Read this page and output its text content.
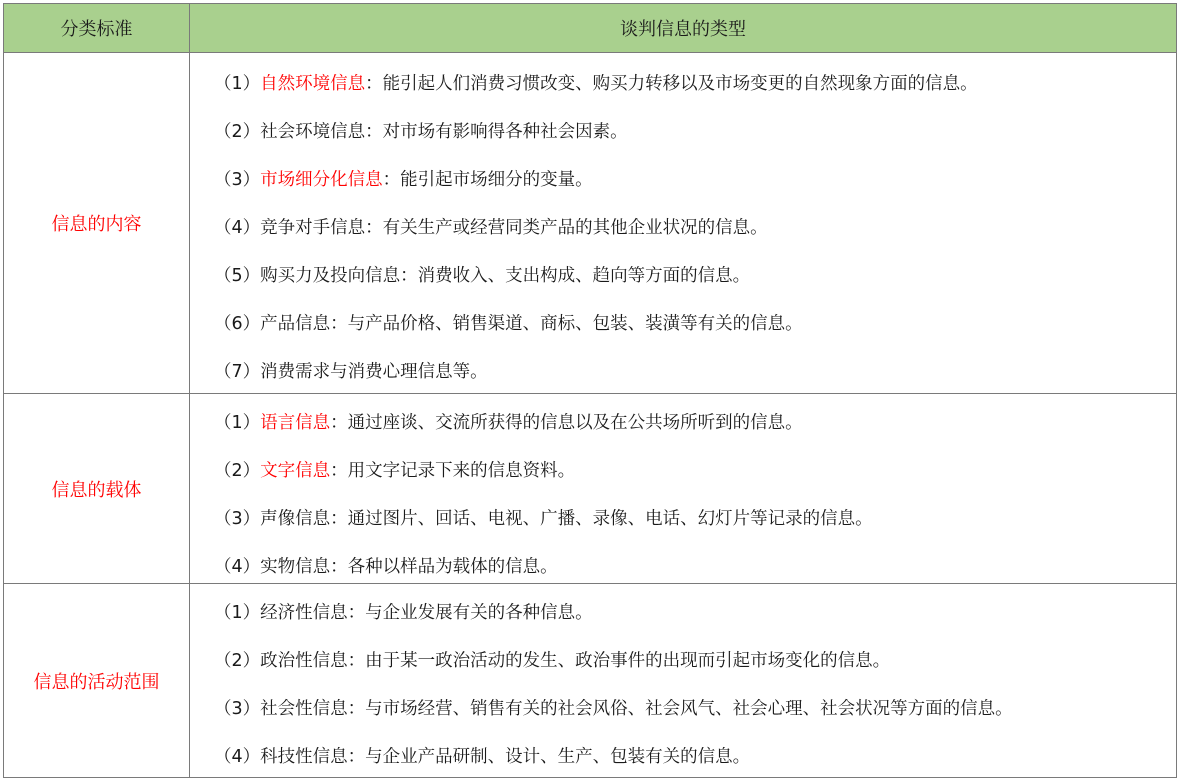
分类标准	谈判信息的类型
信息的内容
（1）自然环境信息：能引起人们消费习惯改变、购买力转移以及市场变更的自然现象方面的信息。
（2）社会环境信息：对市场有影响得各种社会因素。
（3）市场细分化信息：能引起市场细分的变量。
（4）竞争对手信息：有关生产或经营同类产品的其他企业状况的信息。
（5）购买力及投向信息：消费收入、支出构成、趋向等方面的信息。
（6）产品信息：与产品价格、销售渠道、商标、包装、装潢等有关的信息。
（7）消费需求与消费心理信息等。
信息的载体
（1）语言信息：通过座谈、交流所获得的信息以及在公共场所听到的信息。
（2）文字信息：用文字记录下来的信息资料。
（3）声像信息：通过图片、回话、电视、广播、录像、电话、幻灯片等记录的信息。
（4）实物信息：各种以样品为载体的信息。
信息的活动范围
（1）经济性信息：与企业发展有关的各种信息。
（2）政治性信息：由于某一政治活动的发生、政治事件的出现而引起市场变化的信息。
（3）社会性信息：与市场经营、销售有关的社会风俗、社会风气、社会心理、社会状况等方面的信息。
（4）科技性信息：与企业产品研制、设计、生产、包装有关的信息。
